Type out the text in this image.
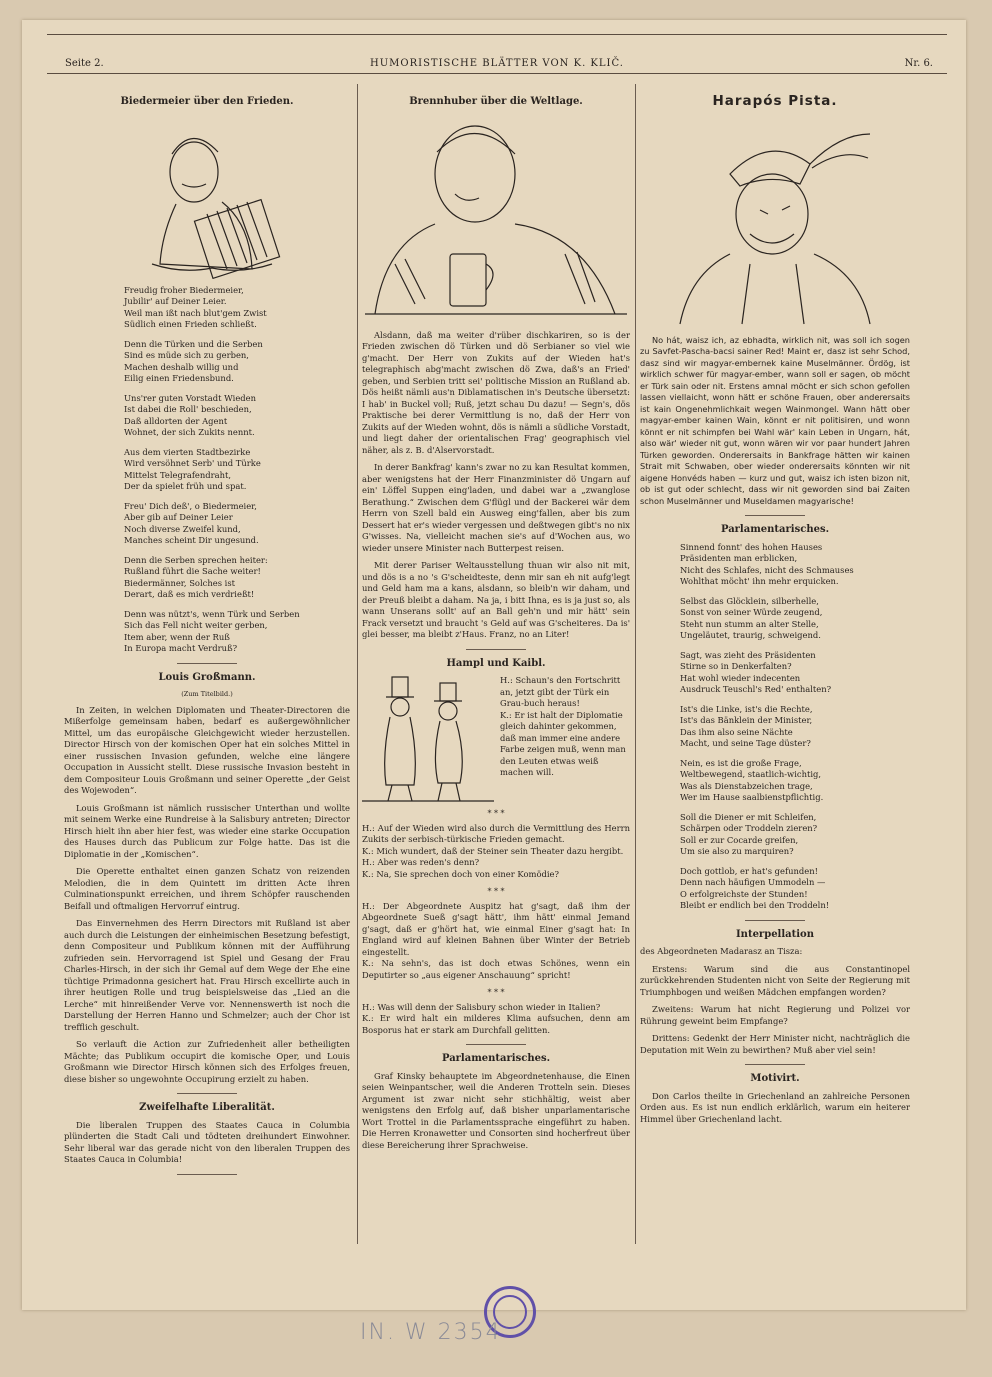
Seite 2.	HUMORISTISCHE BLÄTTER VON K. KLIČ.	Nr. 6.
Biedermeier über den Frieden.
Freudig froher Biedermeier,
Jubilir' auf Deiner Leier.
Weil man ißt nach blut'gem Zwist
Südlich einen Frieden schließt.
Denn die Türken und die Serben
Sind es müde sich zu gerben,
Machen deshalb willig und
Eilig einen Friedensbund.
Uns'rer guten Vorstadt Wieden
Ist dabei die Roll' beschieden,
Daß alldorten der Agent
Wohnet, der sich Zukits nennt.
Aus dem vierten Stadtbezirke
Wird versöhnet Serb' und Türke
Mittelst Telegrafendraht,
Der da spielet früh und spat.
Freu' Dich deß', o Biedermeier,
Aber gib auf Deiner Leier
Noch diverse Zweifel kund,
Manches scheint Dir ungesund.
Denn die Serben sprechen heiter:
Rußland führt die Sache weiter!
Biedermänner, Solches ist
Derart, daß es mich verdrießt!
Denn was nützt's, wenn Türk und Serben
Sich das Fell nicht weiter gerben,
Item aber, wenn der Ruß
In Europa macht Verdruß?
Louis Großmann.
(Zum Titelbild.)
In Zeiten, in welchen Diplomaten und Theater-Directoren die Mißerfolge gemeinsam haben, bedarf es außergewöhnlicher Mittel, um das europäische Gleichgewicht wieder herzustellen. Director Hirsch von der komischen Oper hat ein solches Mittel in einer russischen Invasion gefunden, welche eine längere Occupation in Aussicht stellt. Diese russische Invasion besteht in dem Compositeur Louis Großmann und seiner Operette „der Geist des Wojewoden“.
Louis Großmann ist nämlich russischer Unterthan und wollte mit seinem Werke eine Rundreise à la Salisbury antreten; Director Hirsch hielt ihn aber hier fest, was wieder eine starke Occupation des Hauses durch das Publicum zur Folge hatte. Das ist die Diplomatie in der „Komischen“.
Die Operette enthaltet einen ganzen Schatz von reizenden Melodien, die in dem Quintett im dritten Acte ihren Culminationspunkt erreichen, und ihrem Schöpfer rauschenden Beifall und oftmaligen Hervorruf eintrug.
Das Einvernehmen des Herrn Directors mit Rußland ist aber auch durch die Leistungen der einheimischen Besetzung befestigt, denn Compositeur und Publikum können mit der Aufführung zufrieden sein. Hervorragend ist Spiel und Gesang der Frau Charles-Hirsch, in der sich ihr Gemal auf dem Wege der Ehe eine tüchtige Primadonna gesichert hat. Frau Hirsch excellirte auch in ihrer heutigen Rolle und trug beispielsweise das „Lied an die Lerche“ mit hinreißender Verve vor. Nennenswerth ist noch die Darstellung der Herren Hanno und Schmelzer; auch der Chor ist trefflich geschult.
So verlauft die Action zur Zufriedenheit aller betheiligten Mächte; das Publikum occupirt die komische Oper, und Louis Großmann wie Director Hirsch können sich des Erfolges freuen, diese bisher so ungewohnte Occupirung erzielt zu haben.
Zweifelhafte Liberalität.
Die liberalen Truppen des Staates Cauca in Columbia plünderten die Stadt Cali und tödteten dreihundert Einwohner. Sehr liberal war das gerade nicht von den liberalen Truppen des Staates Cauca in Columbia!
Brennhuber über die Weltlage.
Alsdann, daß ma weiter d'rüber dischkariren, so is der Frieden zwischen dö Türken und dö Serbianer so viel wie g'macht. Der Herr von Zukits auf der Wieden hat's telegraphisch abg'macht zwischen dö Zwa, daß's an Fried' geben, und Serbien tritt sei' politische Mission an Rußland ab. Dös heißt nämli aus'n Diblamatischen in's Deutsche übersetzt: I hab' in Buckel voll; Ruß, jetzt schau Du dazu! — Segn's, dös Praktische bei derer Vermittlung is no, daß der Herr von Zukits auf der Wieden wohnt, dös is nämli a südliche Vorstadt, und liegt daher der orientalischen Frag' geographisch viel näher, als z. B. d'Alservorstadt.
In derer Bankfrag' kann's zwar no zu kan Resultat kommen, aber wenigstens hat der Herr Finanzminister dö Ungarn auf ein' Löffel Suppen eing'laden, und dabei war a „zwanglose Berathung.“ Zwischen dem G'flügl und der Backerei wär dem Herrn von Szell bald ein Ausweg eing'fallen, aber bis zum Dessert hat er's wieder vergessen und deßtwegen gibt's no nix G'wisses. Na, vielleicht machen sie's auf d'Wochen aus, wo wieder unsere Minister nach Butterpest reisen.
Mit derer Pariser Weltausstellung thuan wir also nit mit, und dös is a no 's G'scheidteste, denn mir san eh nit aufg'legt und Geld ham ma a kans, alsdann, so bleib'n wir daham, und der Preuß bleibt a daham. Na ja, i bitt Ihna, es is ja just so, als wann Unserans sollt' auf an Ball geh'n und mir hätt' sein Frack versetzt und braucht 's Geld auf was G'scheiteres. Da is' glei besser, ma bleibt z'Haus. Franz, no an Liter!
Hampl und Kaibl.
H.: Schaun's den Fortschritt an, jetzt gibt der Türk ein Grau-buch heraus!
K.: Er ist halt der Diplomatie gleich dahinter gekommen, daß man immer eine andere Farbe zeigen muß, wenn man den Leuten etwas weiß machen will.
* * *
H.: Auf der Wieden wird also durch die Vermittlung des Herrn Zukits der serbisch-türkische Frieden gemacht.
K.: Mich wundert, daß der Steiner sein Theater dazu hergibt.
H.: Aber was reden's denn?
K.: Na, Sie sprechen doch von einer Komödie?
* * *
H.: Der Abgeordnete Auspitz hat g'sagt, daß ihm der Abgeordnete Sueß g'sagt hätt', ihm hätt' einmal Jemand g'sagt, daß er g'hört hat, wie einmal Einer g'sagt hat: In England wird auf kleinen Bahnen über Winter der Betrieb eingestellt.
K.: Na sehn's, das ist doch etwas Schönes, wenn ein Deputirter so „aus eigener Anschauung“ spricht!
* * *
H.: Was will denn der Salisbury schon wieder in Italien?
K.: Er wird halt ein milderes Klima aufsuchen, denn am Bosporus hat er stark am Durchfall gelitten.
Parlamentarisches.
Graf Kinsky behauptete im Abgeordnetenhause, die Einen seien Weinpantscher, weil die Anderen Trotteln sein. Dieses Argument ist zwar nicht sehr stichhältig, weist aber wenigstens den Erfolg auf, daß bisher unparlamentarische Wort Trottel in die Parlamentssprache eingeführt zu haben. Die Herren Kronawetter und Consorten sind hocherfreut über diese Bereicherung ihrer Sprachweise.
Harapós Pista.
No hát, waisz ich, az ebhadta, wirklich nit, was soll ich sogen zu Savfet-Pascha-bacsi sainer Red! Maint er, dasz ist sehr Schod, dasz sind wir magyar-embernek kaine Muselmänner. Ördög, ist wirklich schwer für magyar-ember, wann soll er sagen, ob möcht er Türk sain oder nit. Erstens amnal möcht er sich schon gefollen lassen viellaicht, wonn hätt er schöne Frauen, ober anderersaits ist kain Ongenehmlichkait wegen Wainmongel. Wann hätt ober magyar-ember kainen Wain, könnt er nit politisiren, und wonn könnt er nit schimpfen bei Wahl wär' kain Leben in Ungarn, hát, also wär' wieder nit gut, wonn wären wir vor paar hundert Jahren Türken geworden. Onderersaits in Bankfrage hätten wir kainen Strait mit Schwaben, ober wieder onderersaits könnten wir nit aigene Honvéds haben — kurz und gut, waisz ich isten bizon nit, ob ist gut oder schlecht, dass wir nit geworden sind bai Zaiten schon Muselmänner und Museldamen magyarische!
Parlamentarisches.
Sinnend fonnt' des hohen Hauses
Präsidenten man erblicken,
Nicht des Schlafes, nicht des Schmauses
Wohlthat möcht' ihn mehr erquicken.
Selbst das Glöcklein, silberhelle,
Sonst von seiner Würde zeugend,
Steht nun stumm an alter Stelle,
Ungeläutet, traurig, schweigend.
Sagt, was zieht des Präsidenten
Stirne so in Denkerfalten?
Hat wohl wieder indecenten
Ausdruck Teuschl's Red' enthalten?
Ist's die Linke, ist's die Rechte,
Ist's das Bänklein der Minister,
Das ihm also seine Nächte
Macht, und seine Tage düster?
Nein, es ist die große Frage,
Weltbewegend, staatlich-wichtig,
Was als Dienstabzeichen trage,
Wer im Hause saalbienstpflichtig.
Soll die Diener er mit Schleifen,
Schärpen oder Troddeln zieren?
Soll er zur Cocarde greifen,
Um sie also zu marquiren?
Doch gottlob, er hat's gefunden!
Denn nach häufigen Ummodeln —
O erfolgreichste der Stunden!
Bleibt er endlich bei den Troddeln!
Interpellation
des Abgeordneten Madarasz an Tisza:
Erstens: Warum sind die aus Constantinopel zurückkehrenden Studenten nicht von Seite der Regierung mit Triumphbogen und weißen Mädchen empfangen worden?
Zweitens: Warum hat nicht Regierung und Polizei vor Rührung geweint beim Empfange?
Drittens: Gedenkt der Herr Minister nicht, nachträglich die Deputation mit Wein zu bewirthen? Muß aber viel sein!
Motivirt.
Don Carlos theilte in Griechenland an zahlreiche Personen Orden aus. Es ist nun endlich erklärlich, warum ein heiterer Himmel über Griechenland lacht.
IN. W 2354
